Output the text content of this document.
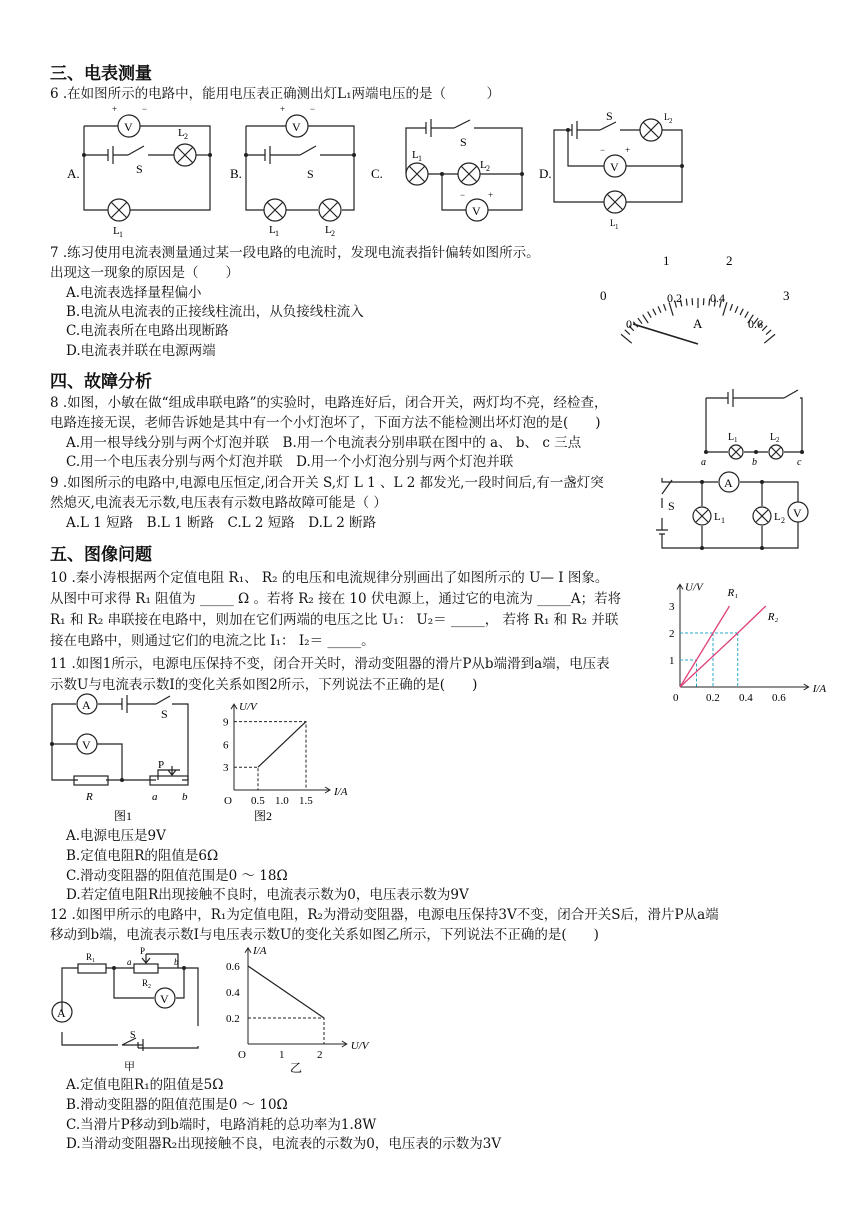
三、电表测量
6 .在如图所示的电路中，能用电压表正确测出灯L₁两端电压的是（　　　）
A.
V
+	−
S
L 2
L 1
B.
V
+	−
S
L 1	L 2
C.
S
L 1
L 2
V
−	+
D.
S	L 2
V
− +
L 1
7 .练习使用电流表测量通过某一段电路的电流时，发现电流表指针偏转如图所示。
出现这一现象的原因是（　　）
A.电流表选择量程偏小
B.电流从电流表的正接线柱流出，从负接线柱流入
C.电流表所在电路出现断路
D.电流表并联在电源两端
0
1	2
3
0
0.2 0.4
0.6
A
四、故障分析
8 .如图，小敏在做“组成串联电路”的实验时，电路连好后，闭合开关，两灯均不亮，经检查，
电路连接无误，老师告诉她是其中有一个小灯泡坏了，下面方法不能检测出坏灯泡的是(　　)
A.用一根导线分别与两个灯泡并联　B.用一个电流表分别串联在图中的 a、 b、 c 三点
C.用一个电压表分别与两个灯泡并联　D.用一个小灯泡分别与两个灯泡并联
L 1	L 2
a	b	c
9 .如图所示的电路中,电源电压恒定,闭合开关 S,灯 L 1 、L 2 都发光,一段时间后,有一盏灯突
然熄灭,电流表无示数,电压表有示数电路故障可能是（ ）
A.L 1 短路　B.L 1 断路　C.L 2 短路　D.L 2 断路
A
V
S
L 1	L 2
五、图像问题
10 .秦小涛根据两个定值电阻 R₁、 R₂ 的电压和电流规律分别画出了如图所示的 U— I 图象。
从图中可求得 R₁ 阻值为 _____ Ω 。若将 R₂ 接在 10 伏电源上，通过它的电流为 _____A；若将
R₁ 和 R₂ 串联接在电路中，则加在它们两端的电压之比 U₁： U₂＝ _____， 若将 R₁ 和 R₂ 并联
接在电路中，则通过它们的电流之比 I₁： I₂＝ _____。
I/A
U/V
0	0.2 0.4 0.6
1
2
3
R₁
R₂
11 .如图1所示，电源电压保持不变，闭合开关时，滑动变阻器的滑片P从b端滑到a端，电压表
示数U与电流表示数I的变化关系如图2所示，下列说法不正确的是(　　)
A
V
S
P
R	a b
图1
I/A
U/V
O 0.5 1.0 1.5
3
6
9
图2
A.电源电压是9V
B.定值电阻R的阻值是6Ω
C.滑动变阻器的阻值范围是0 ～ 18Ω
D.若定值电阻R出现接触不良时，电流表示数为0，电压表示数为9V
12 .如图甲所示的电路中，R₁为定值电阻，R₂为滑动变阻器，电源电压保持3V不变，闭合开关S后，滑片P从a端
移动到b端，电流表示数I与电压表示数U的变化关系如图乙所示，下列说法不正确的是(　　)
R 1
R 2
P
a	b
V
A
S
甲
U/V
I/A
O	1	2
0.2
0.4
0.6
乙
A.定值电阻R₁的阻值是5Ω
B.滑动变阻器的阻值范围是0 ～ 10Ω
C.当滑片P移动到b端时，电路消耗的总功率为1.8W
D.当滑动变阻器R₂出现接触不良，电流表的示数为0，电压表的示数为3V
